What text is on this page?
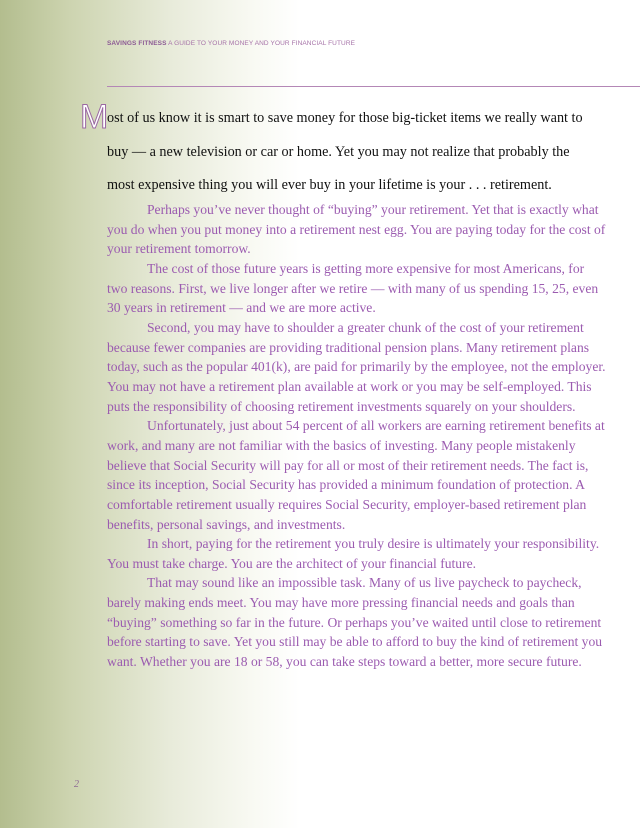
SAVINGS FITNESS A GUIDE TO YOUR MONEY AND YOUR FINANCIAL FUTURE
M

ost of us know it is smart to save money for those big-ticket items we really want to buy — a new television or car or home. Yet you may not realize that probably the most expensive thing you will ever buy in your lifetime is your . . . retirement.

Perhaps you’ve never thought of “buying” your retirement. Yet that is exactly what you do when you put money into a retirement nest egg. You are paying today for the cost of your retirement tomorrow.

The cost of those future years is getting more expensive for most Americans, for two reasons. First, we live longer after we retire — with many of us spending 15, 25, even 30 years in retirement — and we are more active.

Second, you may have to shoulder a greater chunk of the cost of your retirement because fewer companies are providing traditional pension plans. Many retirement plans today, such as the popular 401(k), are paid for primarily by the employee, not the employer. You may not have a retirement plan available at work or you may be self-employed. This puts the responsibility of choosing retirement investments squarely on your shoulders.

Unfortunately, just about 54 percent of all workers are earning retirement benefits at work, and many are not familiar with the basics of investing. Many people mistakenly believe that Social Security will pay for all or most of their retirement needs. The fact is, since its inception, Social Security has provided a minimum foundation of protection. A comfortable retirement usually requires Social Security, employer-based retirement plan benefits, personal savings, and investments.

In short, paying for the retirement you truly desire is ultimately your responsibility. You must take charge. You are the architect of your financial future.

That may sound like an impossible task. Many of us live paycheck to paycheck, barely making ends meet. You may have more pressing financial needs and goals than “buying” something so far in the future. Or perhaps you’ve waited until close to retirement before starting to save. Yet you still may be able to afford to buy the kind of retirement you want. Whether you are 18 or 58, you can take steps toward a better, more secure future.

2
